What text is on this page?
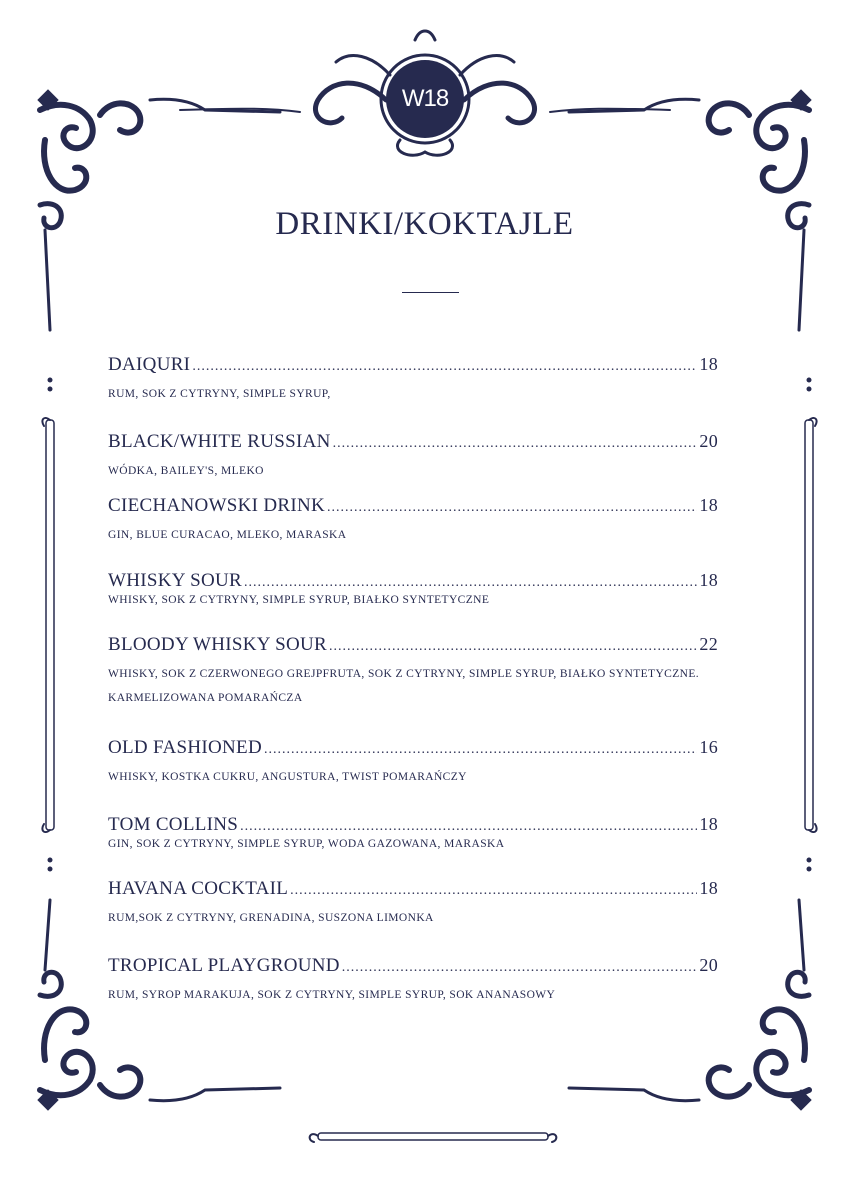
W18
DRINKI/KOKTAJLE
DAIQURI .....	18
RUM, SOK Z CYTRYNY, SIMPLE SYRUP,
BLACK/WHITE RUSSIAN .....	20
WÓDKA, BAILEY'S, MLEKO
CIECHANOWSKI DRINK .....	18
GIN, BLUE CURACAO, MLEKO, MARASKA
WHISKY SOUR .....	18
WHISKY, SOK Z CYTRYNY, SIMPLE SYRUP, BIAŁKO SYNTETYCZNE
BLOODY WHISKY SOUR .....	22
WHISKY, SOK Z CZERWONEGO GREJPFRUTA, SOK Z CYTRYNY, SIMPLE SYRUP, BIAŁKO SYNTETYCZNE.
KARMELIZOWANA POMARAŃCZA
OLD FASHIONED .....	16
WHISKY, KOSTKA CUKRU, ANGUSTURA, TWIST POMARAŃCZY
TOM COLLINS .....	18
GIN, SOK Z CYTRYNY, SIMPLE SYRUP, WODA GAZOWANA, MARASKA
HAVANA COCKTAIL .....	18
RUM,SOK Z CYTRYNY, GRENADINA, SUSZONA LIMONKA
TROPICAL PLAYGROUND .....	20
RUM, SYROP MARAKUJA, SOK Z CYTRYNY, SIMPLE SYRUP, SOK ANANASOWY
